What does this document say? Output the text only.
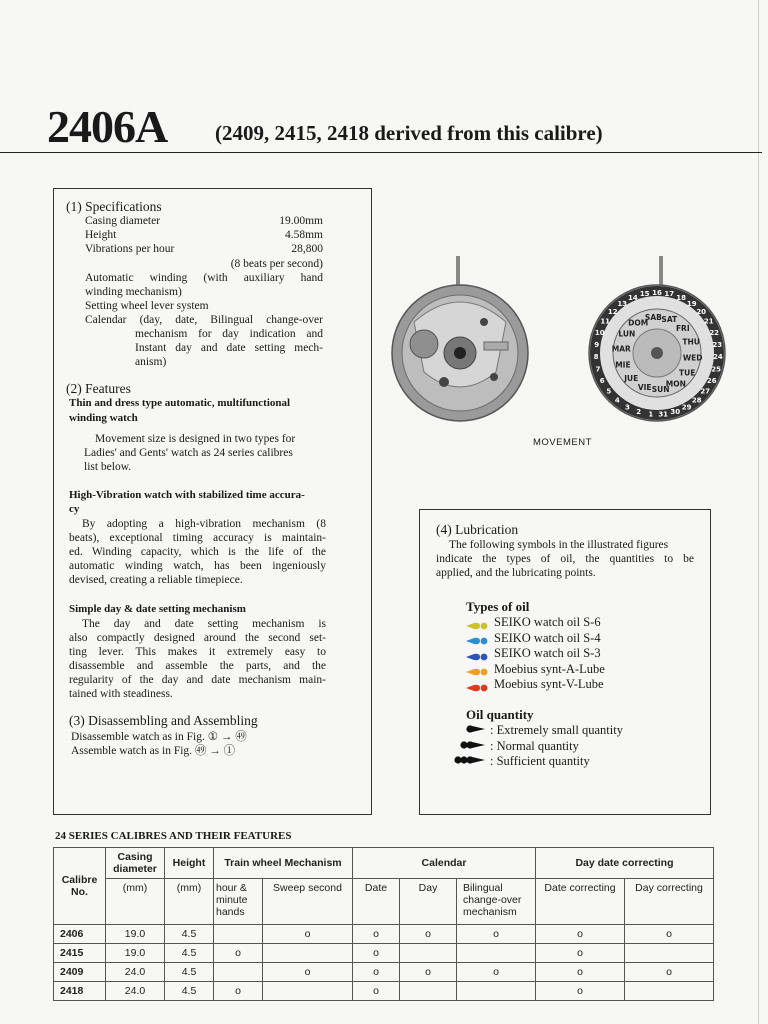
2406A (2409, 2415, 2418 derived from this calibre)
(1) Specifications
Casing diameter	19.00mm
Height	4.58mm
Vibrations per hour	28,800
(8 beats per second)
Automatic winding (with auxiliary hand
winding mechanism)
Setting wheel lever system
Calendar (day, date, Bilingual change-over
mechanism for day indication and
Instant day and date setting mech-
anism)
(2) Features
Thin and dress type automatic, multifunctional
winding watch
Movement size is designed in two types for
Ladies' and Gents' watch as 24 series calibres
list below.
High-Vibration watch with stabilized time accura-
cy
By adopting a high-vibration mechanism (8
beats), exceptional timing accuracy is maintain-
ed. Winding capacity, which is the life of the
automatic winding watch, has been ingeniously
devised, creating a reliable timepiece.
Simple day & date setting mechanism
The day and date setting mechanism is
also compactly designed around the second set-
ting lever. This makes it extremely easy to
disassemble and assemble the parts, and the
regularity of the day and date mechanism main-
tained with steadiness.
(3) Disassembling and Assembling
Disassemble watch as in Fig. ① → ㊾
Assemble watch as in Fig. ㊾ → ①
16 17 18
19
20
21
22
23
24
25
26
27
28
29
30
31
1
2
3
4
5
6
7
8
9
10
11
12
13
14 15
SAT
FRI
THU
WED
TUE
MON
SUN
VIE
JUE
MIE
MAR
LUN
DOM
SAB
MOVEMENT
(4) Lubrication
The following symbols in the illustrated figures
indicate the types of oil, the quantities to be
applied, and the lubricating points.
Types of oil
SEIKO watch oil S-6
SEIKO watch oil S-4
SEIKO watch oil S-3
Moebius synt-A-Lube
Moebius synt-V-Lube
Oil quantity
: Extremely small quantity
: Normal quantity
: Sufficient quantity
24 SERIES CALIBRES AND THEIR FEATURES
Calibre No.	Casing diameter	Height	Train wheel Mechanism		Calendar			Day date correcting	
	(mm)	(mm)	hour & minute hands	Sweep second	Date	Day	Bilingual change-over mechanism	Date correcting	Day correcting
2406	19.0	4.5		o	o	o	o	o	o
2415	19.0	4.5	o		o			o	
2409	24.0	4.5		o	o	o	o	o	o
2418	24.0	4.5	o		o			o	
